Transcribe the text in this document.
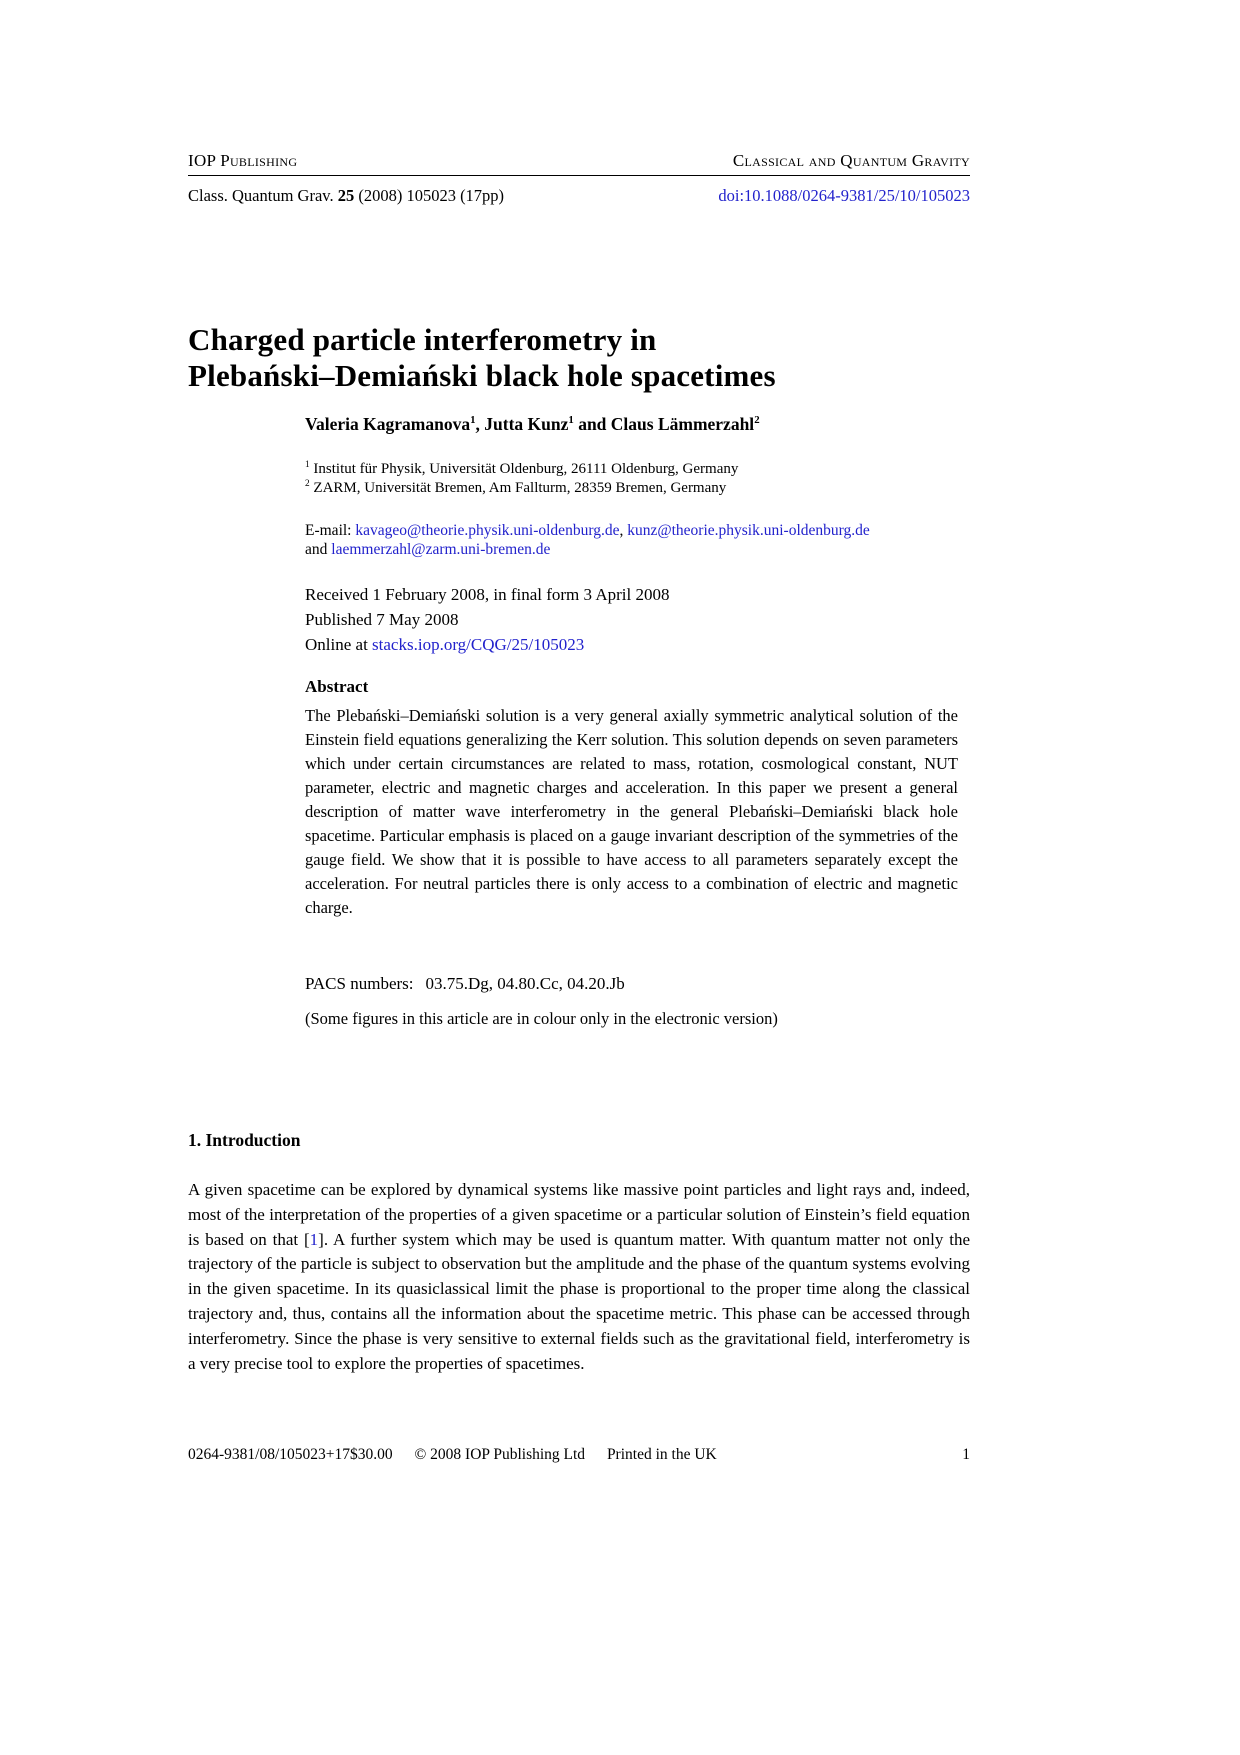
IOP Publishing	Classical and Quantum Gravity
Class. Quantum Grav. 25 (2008) 105023 (17pp)	doi:10.1088/0264-9381/25/10/105023
Charged particle interferometry in
Plebański–Demiański black hole spacetimes
Valeria Kagramanova$^1$, Jutta Kunz$^1$ and Claus Lämmerzahl$^2$
$^1$ Institut für Physik, Universität Oldenburg, 26111 Oldenburg, Germany
$^2$ ZARM, Universität Bremen, Am Fallturm, 28359 Bremen, Germany
E-mail: kavageo@theorie.physik.uni-oldenburg.de, kunz@theorie.physik.uni-oldenburg.de
and laemmerzahl@zarm.uni-bremen.de
Received 1 February 2008, in final form 3 April 2008
Published 7 May 2008
Online at stacks.iop.org/CQG/25/105023
Abstract
The Plebański–Demiański solution is a very general axially symmetric analytical solution of the Einstein field equations generalizing the Kerr solution. This solution depends on seven parameters which under certain circumstances are related to mass, rotation, cosmological constant, NUT parameter, electric and magnetic charges and acceleration. In this paper we present a general description of matter wave interferometry in the general Plebański–Demiański black hole spacetime. Particular emphasis is placed on a gauge invariant description of the symmetries of the gauge field. We show that it is possible to have access to all parameters separately except the acceleration. For neutral particles there is only access to a combination of electric and magnetic charge.
PACS numbers: 03.75.Dg, 04.80.Cc, 04.20.Jb
(Some figures in this article are in colour only in the electronic version)
1. Introduction
A given spacetime can be explored by dynamical systems like massive point particles and light rays and, indeed, most of the interpretation of the properties of a given spacetime or a particular solution of Einstein’s field equation is based on that [1]. A further system which may be used is quantum matter. With quantum matter not only the trajectory of the particle is subject to observation but the amplitude and the phase of the quantum systems evolving in the given spacetime. In its quasiclassical limit the phase is proportional to the proper time along the classical trajectory and, thus, contains all the information about the spacetime metric. This phase can be accessed through interferometry. Since the phase is very sensitive to external fields such as the gravitational field, interferometry is a very precise tool to explore the properties of spacetimes.
0264-9381/08/105023+17$30.00 © 2008 IOP Publishing Ltd Printed in the UK	1
